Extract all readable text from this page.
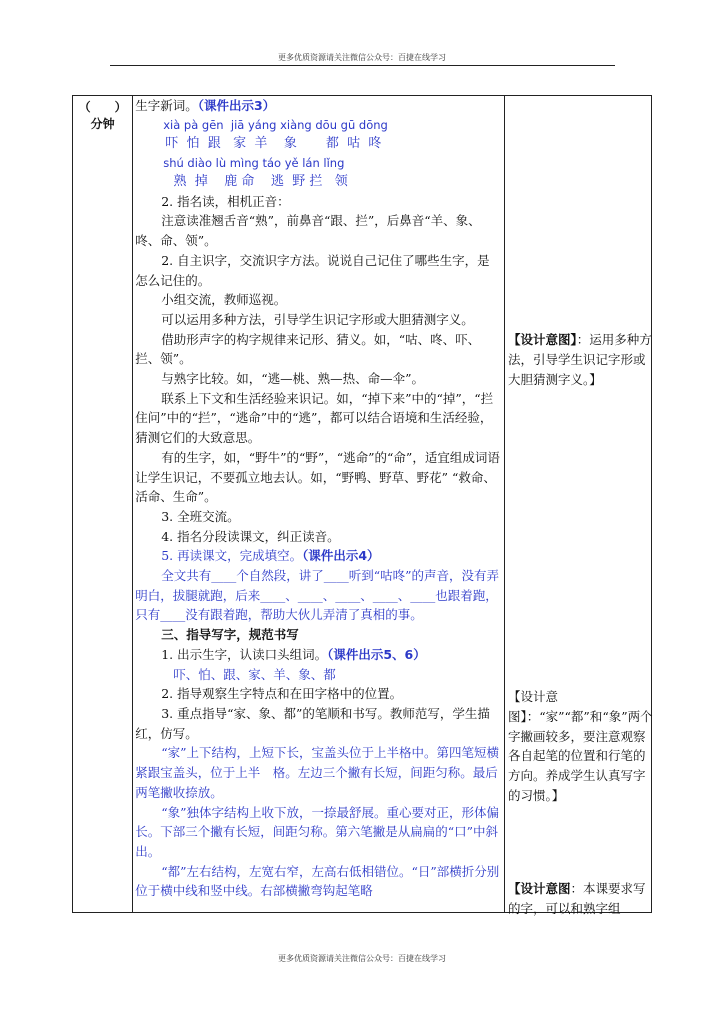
更多优质资源请关注微信公众号：百捷在线学习
（　　）
分钟

生字新词。（课件出示3）

xià pà gēn  jiā yáng xiàng dōu gū dōng
吓  怕  跟   家  羊    象       都  咕  咚
shú diào lù mìng táo yě lán lǐng
熟  掉    鹿 命    逃  野 拦   领

2. 指名读，相机正音：

注意读准翘舌音“熟”，前鼻音“跟、拦”，后鼻音“羊、象、咚、命、领”。

2. 自主识字，交流识字方法。说说自己记住了哪些生字，是怎么记住的。

小组交流，教师巡视。

可以运用多种方法，引导学生识记字形或大胆猜测字义。

借助形声字的构字规律来记形、猜义。如，“咕、咚、吓、拦、领”。

与熟字比较。如，“逃—桃、熟—热、命—伞”。

联系上下文和生活经验来识记。如，“掉下来”中的“掉”，“拦住问”中的“拦”，“逃命”中的“逃”，都可以结合语境和生活经验，猜测它们的大致意思。

有的生字，如，“野牛”的“野”，“逃命”的“命”，适宜组成词语让学生识记，不要孤立地去认。如，“野鸭、野草、野花” “救命、活命、生命”。

3. 全班交流。

4. 指名分段读课文，纠正读音。

5. 再读课文，完成填空。（课件出示4）

全文共有____个自然段，讲了____听到“咕咚”的声音，没有弄明白，拔腿就跑，后来____、____、____、____、____也跟着跑，只有____没有跟着跑，帮助大伙儿弄清了真相的事。

三、指导写字，规范书写

1. 出示生字，认读口头组词。（课件出示5、6）

吓、怕、跟、家、羊、象、都

2. 指导观察生字特点和在田字格中的位置。

3. 重点指导“家、象、都”的笔顺和书写。教师范写，学生描红，仿写。

“家”上下结构，上短下长，宝盖头位于上半格中。第四笔短横紧跟宝盖头，位于上半　格。左边三个撇有长短，间距匀称。最后两笔撇收捺放。

“象”独体字结构上收下放，一捺最舒展。重心要对正，形体偏长。下部三个撇有长短，间距匀称。第六笔撇是从扁扁的“口”中斜出。

“都”左右结构，左宽右窄，左高右低相错位。“日”部横折分别位于横中线和竖中线。右部横撇弯钩起笔略

【设计意图】：运用多种方法，引导学生识记字形或大胆猜测字义。】
【设计意图】：“家”“都”和“象”两个字撇画较多，要注意观察各自起笔的位置和行笔的方向。养成学生认真写字的习惯。】
【设计意图：本课要求写的字，可以和熟字组
更多优质资源请关注微信公众号：百捷在线学习
